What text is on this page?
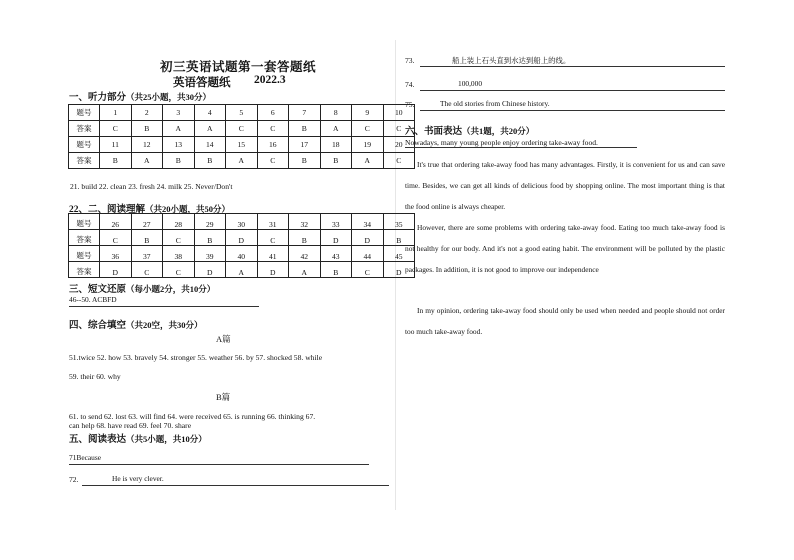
初三英语试题第一套答题纸
英语答题纸 2022.3
一、听力部分（共25小题，共30分）
题号	1	2	3	4	5	6	7	8	9	10
答案	C	B	A	A	C	C	B	A	C	C
题号	11	12	13	14	15	16	17	18	19	20
答案	B	A	B	B	A	C	B	B	A	C
21. build 22. clean 23. fresh 24. milk 25. Never/Don't
22、二、阅读理解（共20小题，共50分）
题号	26	27	28	29	30	31	32	33	34	35
答案	C	B	C	B	D	C	B	D	D	B
题号	36	37	38	39	40	41	42	43	44	45
答案	D	C	C	D	A	D	A	B	C	D
三、短文还原（每小题2分，共10分）
46--50. ACBFD
四、综合填空（共20空，共30分）
A篇
51.twice 52. how 53. bravely 54. stronger 55. weather 56. by 57. shocked 58. while
59. their 60. why
B篇
61. to send 62. lost 63. will find 64. were received 65. is running 66. thinking 67.
can help 68. have read 69. feel 70. share
五、阅读表达（共5小题，共10分）
71Because
72.	He is very clever.
73.	船上装上石头直到水达到船上的线。
74.	100,000
75.	The old stories from Chinese history.
六、书面表达（共1题，共20分）
Nowadays, many young people enjoy ordering take-away food.
It's true that ordering take-away food has many advantages. Firstly, it is convenient for us and can save time. Besides, we can get all kinds of delicious food by shopping online. The most important thing is that the food online is always cheaper.
However, there are some problems with ordering take-away food. Eating too much take-away food is not healthy for our body. And it's not a good eating habit. The environment will be polluted by the plastic packages. In addition, it is not good to improve our independence
In my opinion, ordering take-away food should only be used when needed and people should not order too much take-away food.
